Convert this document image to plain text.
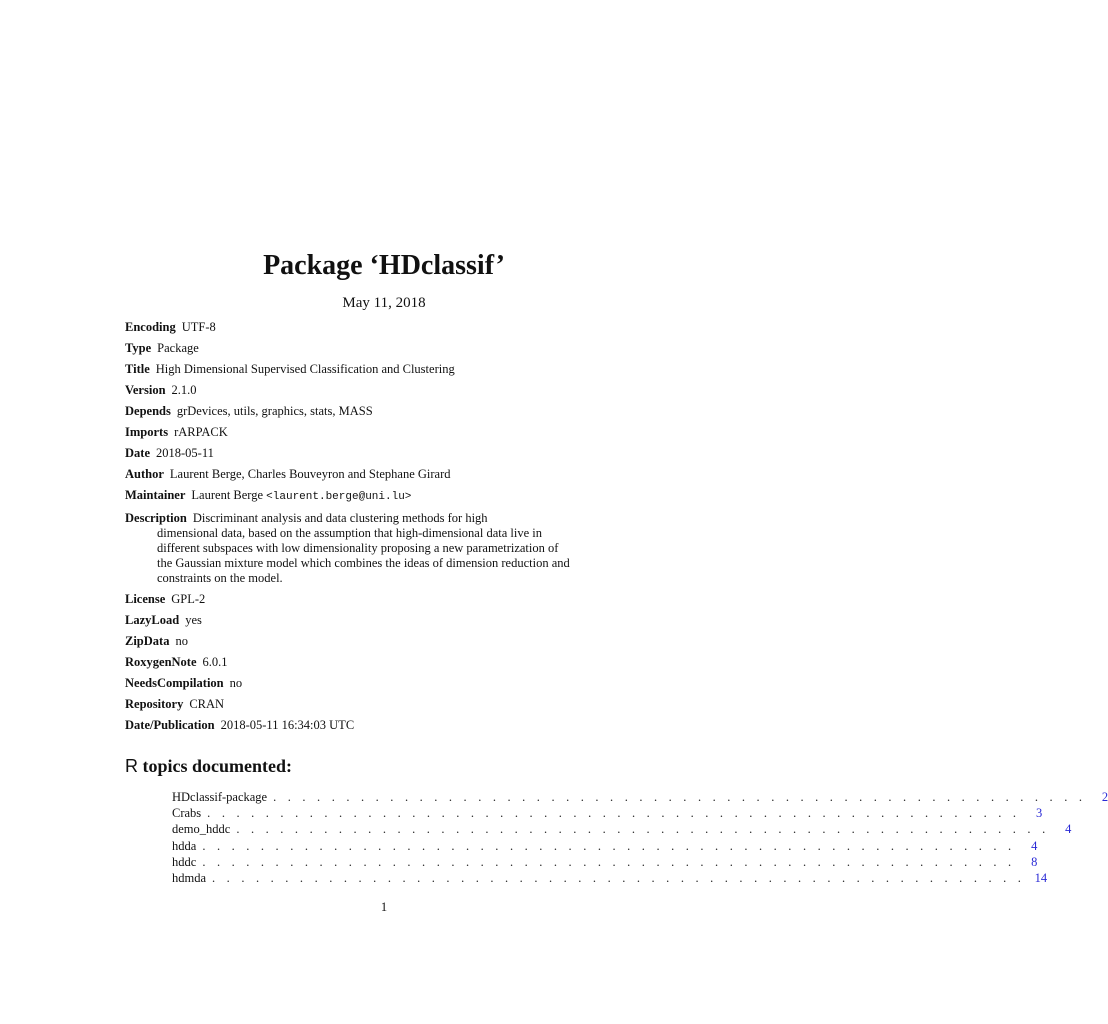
Package ‘HDclassif’
May 11, 2018
Encoding UTF-8
Type Package
Title High Dimensional Supervised Classification and Clustering
Version 2.1.0
Depends grDevices, utils, graphics, stats, MASS
Imports rARPACK
Date 2018-05-11
Author Laurent Berge, Charles Bouveyron and Stephane Girard
Maintainer Laurent Berge <laurent.berge@uni.lu>
Description Discriminant analysis and data clustering methods for high
dimensional data, based on the assumption that high-dimensional data live in
different subspaces with low dimensionality proposing a new parametrization of
the Gaussian mixture model which combines the ideas of dimension reduction and
constraints on the model.
License GPL-2
LazyLoad yes
ZipData no
RoxygenNote 6.0.1
NeedsCompilation no
Repository CRAN
Date/Publication 2018-05-11 16:34:03 UTC
R topics documented:
HDclassif-package . . . . . . . . . . . . . . . . . . . . . . . . . . . . . . . . . . . . . . . . . . . . . . . . . . . . . . . .	2
Crabs . . . . . . . . . . . . . . . . . . . . . . . . . . . . . . . . . . . . . . . . . . . . . . . . . . . . . . . .	3
demo_hddc . . . . . . . . . . . . . . . . . . . . . . . . . . . . . . . . . . . . . . . . . . . . . . . . . . . . . . . .	4
hdda . . . . . . . . . . . . . . . . . . . . . . . . . . . . . . . . . . . . . . . . . . . . . . . . . . . . . . . .	4
hddc . . . . . . . . . . . . . . . . . . . . . . . . . . . . . . . . . . . . . . . . . . . . . . . . . . . . . . . .	8
hdmda . . . . . . . . . . . . . . . . . . . . . . . . . . . . . . . . . . . . . . . . . . . . . . . . . . . . . . . . 14
1
